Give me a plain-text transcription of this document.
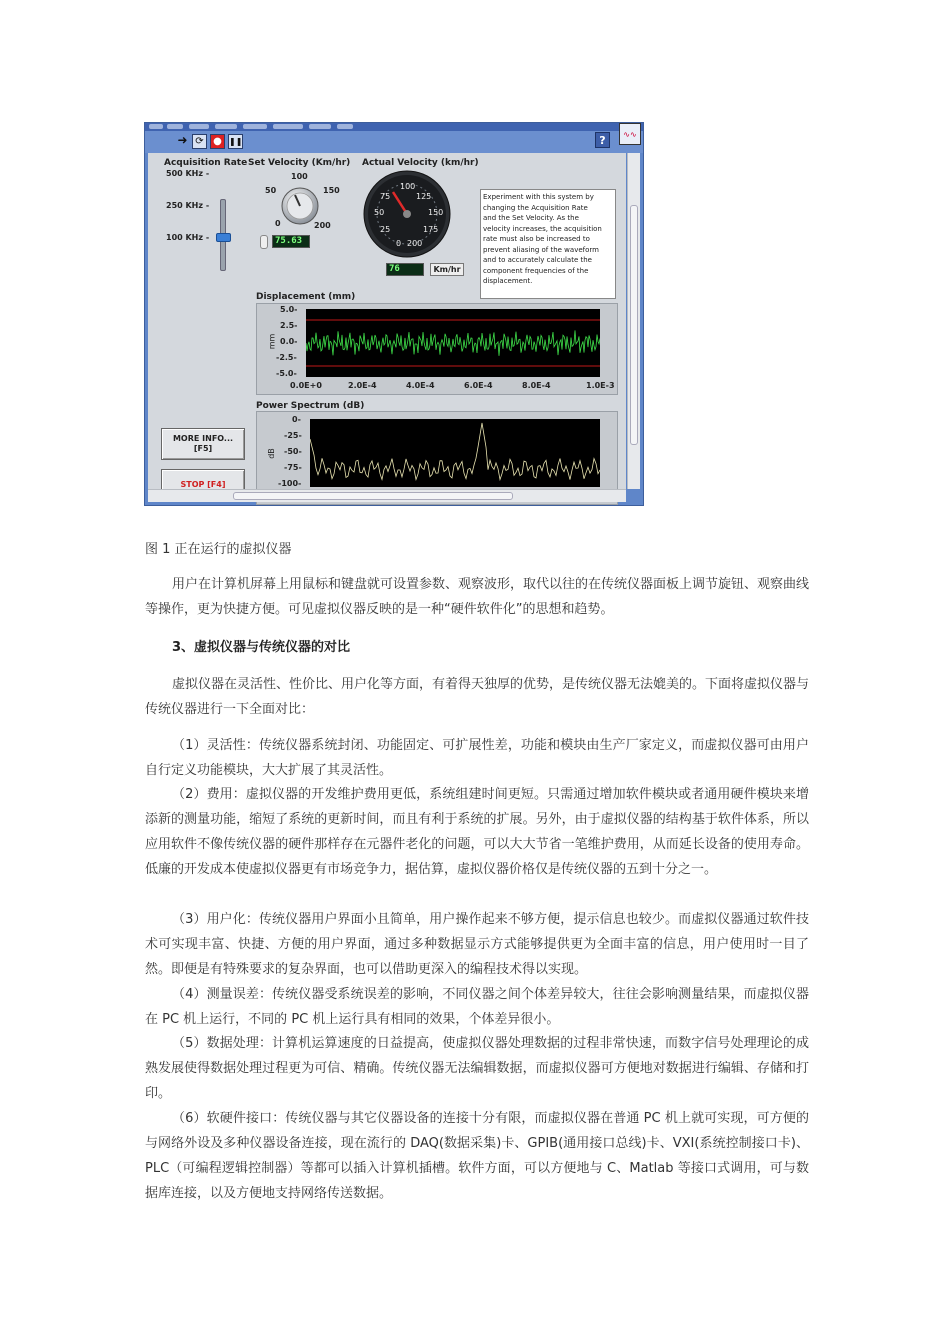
➜ ⟳ ● ❚❚	?	∿∿
Acquisition Rate
500 KHz -
250 KHz -
100 KHz -
Set Velocity (Km/hr)
100
50	150
0	200
75.63
Actual Velocity (km/hr)
100
75	125
50	150
25	175
0 200
76	Km/hr
Experiment with this system by changing the Acquisition Rate and the Set Velocity. As the velocity increases, the acquisition rate must also be increased to prevent aliasing of the waveform and to accurately calculate the component frequencies of the displacement.
Displacement (mm)
5.0-
2.5-
0.0-
-2.5-
-5.0-
mm
0.0E+0	2.0E-4	4.0E-4	6.0E-4	8.0E-4	1.0E-3
Power Spectrum (dB)
0-
-25-
-50-
-75-
-100-
dB
MORE INFO...
[F5]
STOP [F4]
图 1 正在运行的虚拟仪器
用户在计算机屏幕上用鼠标和键盘就可设置参数、观察波形，取代以往的在传统仪器面板上调节旋钮、观察曲线等操作，更为快捷方便。可见虚拟仪器反映的是一种“硬件软件化”的思想和趋势。
3、虚拟仪器与传统仪器的对比
虚拟仪器在灵活性、性价比、用户化等方面，有着得天独厚的优势，是传统仪器无法媲美的。下面将虚拟仪器与传统仪器进行一下全面对比：
（1）灵活性：传统仪器系统封闭、功能固定、可扩展性差，功能和模块由生产厂家定义，而虚拟仪器可由用户自行定义功能模块，大大扩展了其灵活性。
（2）费用：虚拟仪器的开发维护费用更低，系统组建时间更短。只需通过增加软件模块或者通用硬件模块来增添新的测量功能，缩短了系统的更新时间，而且有利于系统的扩展。另外，由于虚拟仪器的结构基于软件体系，所以应用软件不像传统仪器的硬件那样存在元器件老化的问题，可以大大节省一笔维护费用，从而延长设备的使用寿命。低廉的开发成本使虚拟仪器更有市场竞争力，据估算，虚拟仪器价格仅是传统仪器的五到十分之一。
（3）用户化：传统仪器用户界面小且简单，用户操作起来不够方便，提示信息也较少。而虚拟仪器通过软件技术可实现丰富、快捷、方便的用户界面，通过多种数据显示方式能够提供更为全面丰富的信息，用户使用时一目了然。即便是有特殊要求的复杂界面，也可以借助更深入的编程技术得以实现。
（4）测量误差：传统仪器受系统误差的影响，不同仪器之间个体差异较大，往往会影响测量结果，而虚拟仪器在 PC 机上运行，不同的 PC 机上运行具有相同的效果，个体差异很小。
（5）数据处理：计算机运算速度的日益提高，使虚拟仪器处理数据的过程非常快速，而数字信号处理理论的成熟发展使得数据处理过程更为可信、精确。传统仪器无法编辑数据，而虚拟仪器可方便地对数据进行编辑、存储和打印。
（6）软硬件接口：传统仪器与其它仪器设备的连接十分有限，而虚拟仪器在普通 PC 机上就可实现，可方便的与网络外设及多种仪器设备连接，现在流行的 DAQ(数据采集)卡、GPIB(通用接口总线)卡、VXI(系统控制接口卡)、PLC（可编程逻辑控制器）等都可以插入计算机插槽。软件方面，可以方便地与 C、Matlab 等接口式调用，可与数据库连接，以及方便地支持网络传送数据。
